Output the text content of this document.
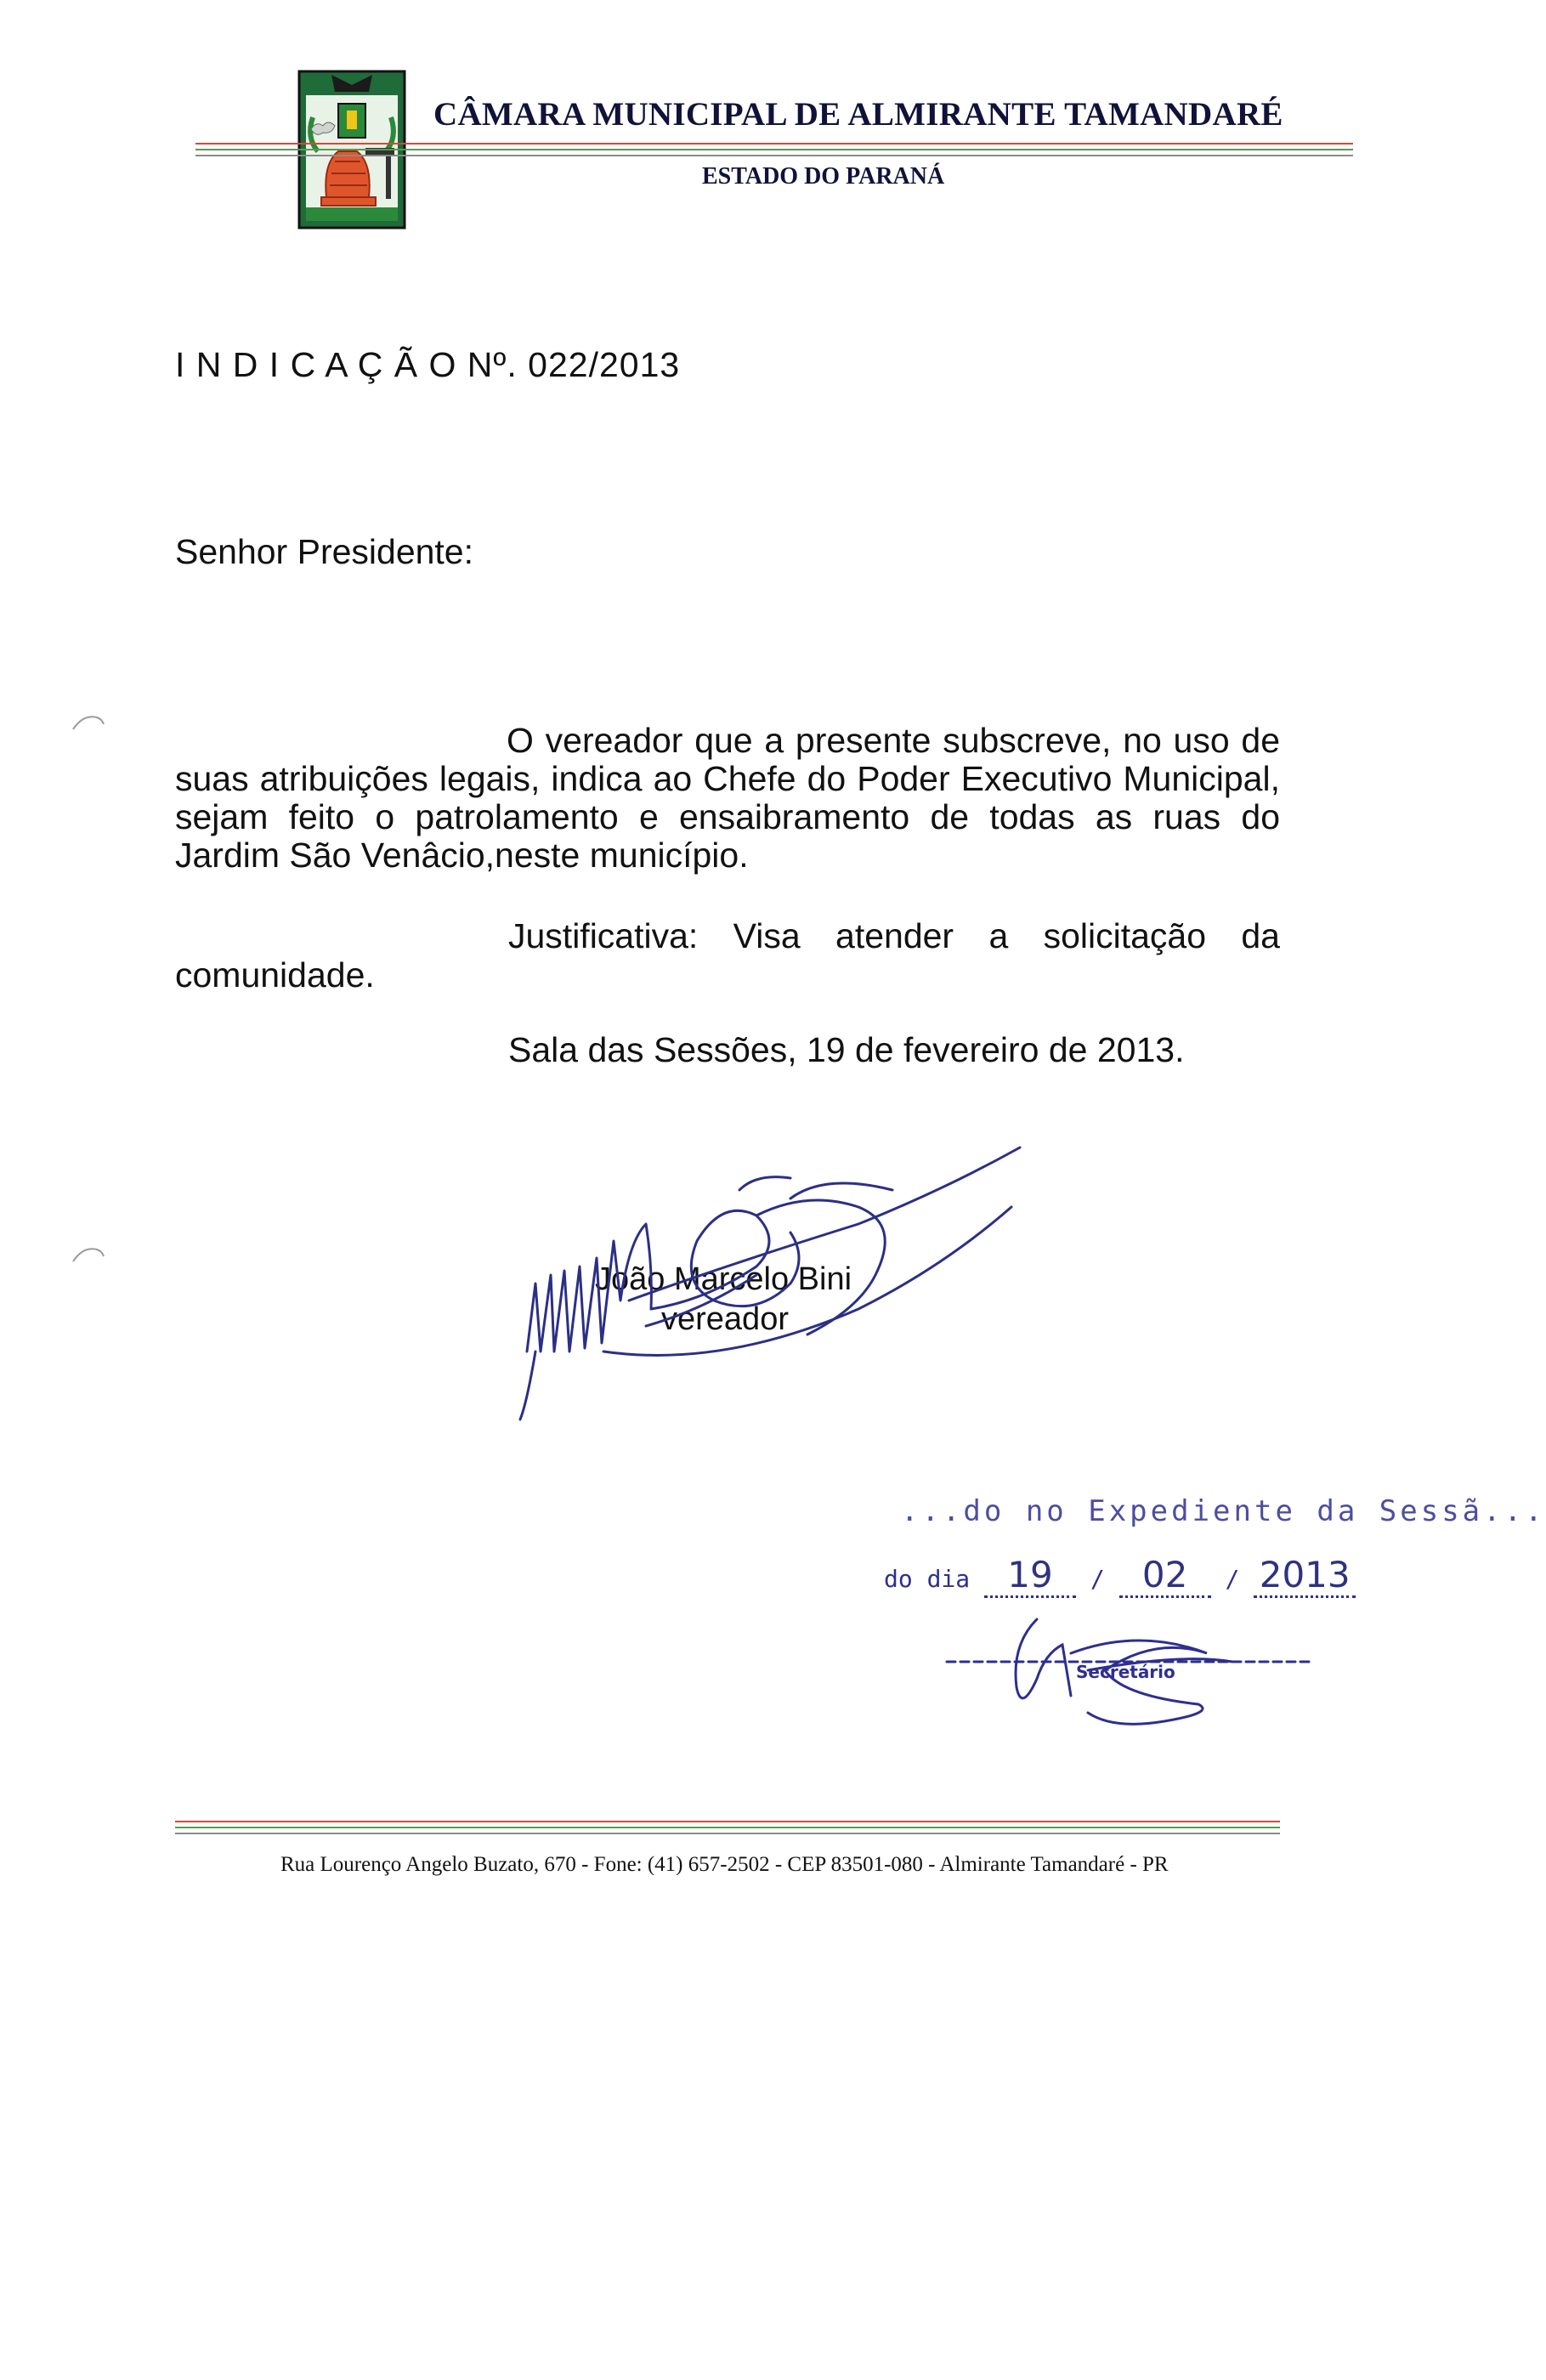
CÂMARA MUNICIPAL DE ALMIRANTE TAMANDARÉ
ESTADO DO PARANÁ
I N D I C A Ç Ã O Nº. 022/2013
Senhor Presidente:

O vereador que a presente subscreve, no uso de suas atribuições legais, indica ao Chefe do Poder Executivo Municipal, sejam feito o patrolamento e ensaibramento de todas as ruas do Jardim São Venâcio,neste município.

Justificativa: Visa atender a solicitação da
comunidade.
Sala das Sessões, 19 de fevereiro de 2013.
João Marcelo Bini
vereador
...do no Expediente da Sessã...
do dia 19 / 02 / 2013
Secretário
Rua Lourenço Angelo Buzato, 670 - Fone: (41) 657-2502 - CEP 83501-080 - Almirante Tamandaré - PR
